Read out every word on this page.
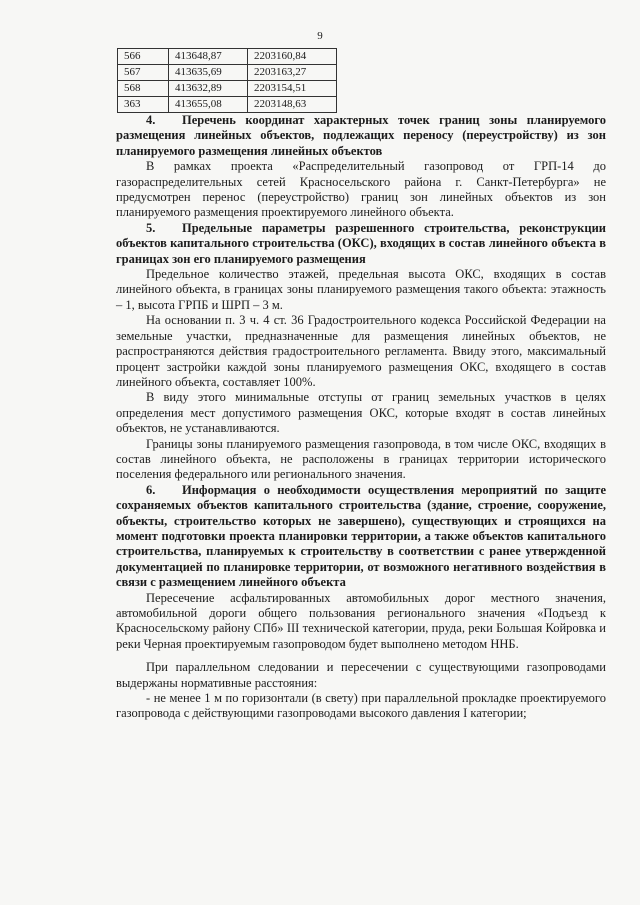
9
566	413648,87	2203160,84
567	413635,69	2203163,27
568	413632,89	2203154,51
363	413655,08	2203148,63

4. Перечень координат характерных точек границ зоны планируемого размещения линейных объектов, подлежащих переносу (переустройству) из зон планируемого размещения линейных объектов

В рамках проекта «Распределительный газопровод от ГРП-14 до газораспределительных сетей Красносельского района г. Санкт-Петербурга» не предусмотрен перенос (переустройство) границ зон линейных объектов из зон планируемого размещения проектируемого линейного объекта.

5. Предельные параметры разрешенного строительства, реконструкции объектов капитального строительства (ОКС), входящих в состав линейного объекта в границах зон его планируемого размещения

Предельное количество этажей, предельная высота ОКС, входящих в состав линейного объекта, в границах зоны планируемого размещения такого объекта: этажность – 1, высота ГРПБ и ШРП – 3 м.

На основании п. 3 ч. 4 ст. 36 Градостроительного кодекса Российской Федерации на земельные участки, предназначенные для размещения линейных объектов, не распространяются действия градостроительного регламента. Ввиду этого, максимальный процент застройки каждой зоны планируемого размещения ОКС, входящего в состав линейного объекта, составляет 100%.

В виду этого минимальные отступы от границ земельных участков в целях определения мест допустимого размещения ОКС, которые входят в состав линейных объектов, не устанавливаются.

Границы зоны планируемого размещения газопровода, в том числе ОКС, входящих в состав линейного объекта, не расположены в границах территории исторического поселения федерального или регионального значения.

6. Информация о необходимости осуществления мероприятий по защите сохраняемых объектов капитального строительства (здание, строение, сооружение, объекты, строительство которых не завершено), существующих и строящихся на момент подготовки проекта планировки территории, а также объектов капитального строительства, планируемых к строительству в соответствии с ранее утвержденной документацией по планировке территории, от возможного негативного воздействия в связи с размещением линейного объекта

Пересечение асфальтированных автомобильных дорог местного значения, автомобильной дороги общего пользования регионального значения «Подъезд к Красносельскому району СПб» III технической категории, пруда, реки Большая Койровка и реки Черная проектируемым газопроводом будет выполнено методом ННБ.

При параллельном следовании и пересечении с существующими газопроводами выдержаны нормативные расстояния:

- не менее 1 м по горизонтали (в свету) при параллельной прокладке проектируемого газопровода с действующими газопроводами высокого давления I категории;
